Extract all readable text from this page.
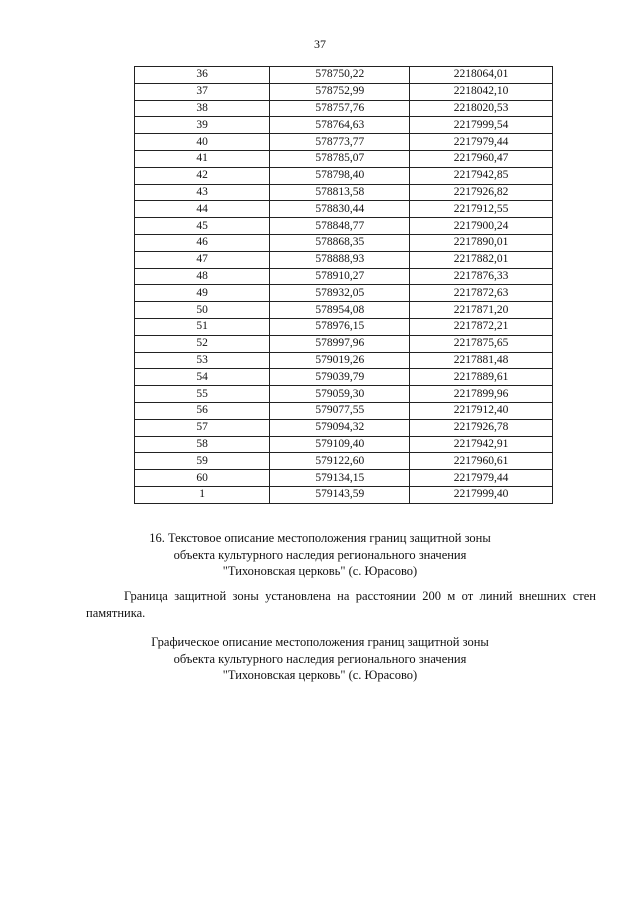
37
36	578750,22	2218064,01
37	578752,99	2218042,10
38	578757,76	2218020,53
39	578764,63	2217999,54
40	578773,77	2217979,44
41	578785,07	2217960,47
42	578798,40	2217942,85
43	578813,58	2217926,82
44	578830,44	2217912,55
45	578848,77	2217900,24
46	578868,35	2217890,01
47	578888,93	2217882,01
48	578910,27	2217876,33
49	578932,05	2217872,63
50	578954,08	2217871,20
51	578976,15	2217872,21
52	578997,96	2217875,65
53	579019,26	2217881,48
54	579039,79	2217889,61
55	579059,30	2217899,96
56	579077,55	2217912,40
57	579094,32	2217926,78
58	579109,40	2217942,91
59	579122,60	2217960,61
60	579134,15	2217979,44
1	579143,59	2217999,40

16. Текстовое описание местоположения границ защитной зоны

объекта культурного наследия регионального значения

"Тихоновская церковь" (с. Юрасово)

Граница защитной зоны установлена на расстоянии 200 м от линий внешних стен памятника.

Графическое описание местоположения границ защитной зоны

объекта культурного наследия регионального значения

"Тихоновская церковь" (с. Юрасово)
